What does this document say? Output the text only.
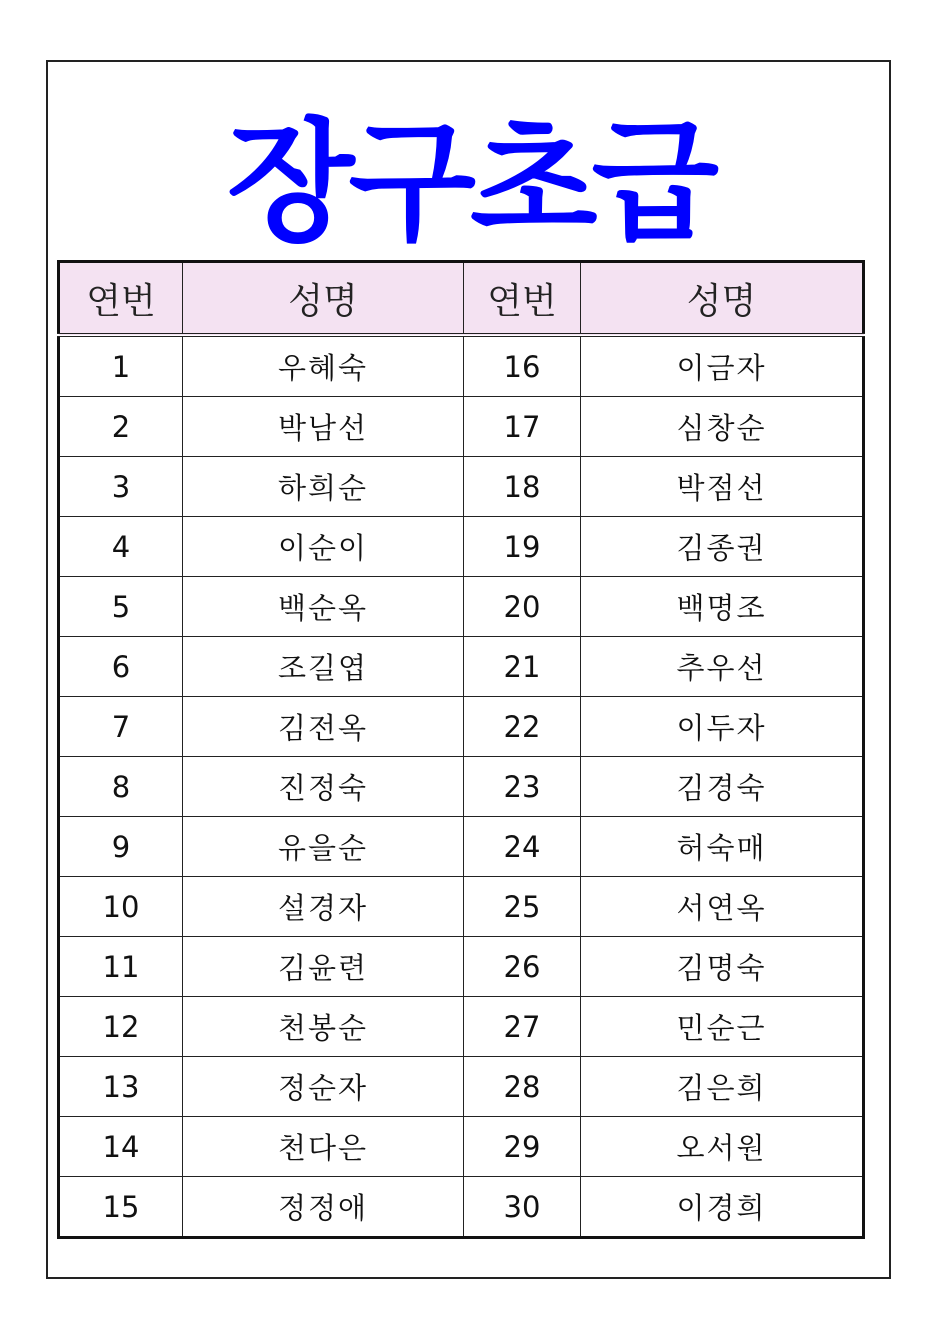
장구초급
연번	성명	연번	성명
1	우혜숙	16	이금자
2	박남선	17	심창순
3	하희순	18	박점선
4	이순이	19	김종권
5	백순옥	20	백명조
6	조길엽	21	추우선
7	김전옥	22	이두자
8	진정숙	23	김경숙
9	유을순	24	허숙매
10	설경자	25	서연옥
11	김윤련	26	김명숙
12	천봉순	27	민순근
13	정순자	28	김은희
14	천다은	29	오서원
15	정정애	30	이경희
